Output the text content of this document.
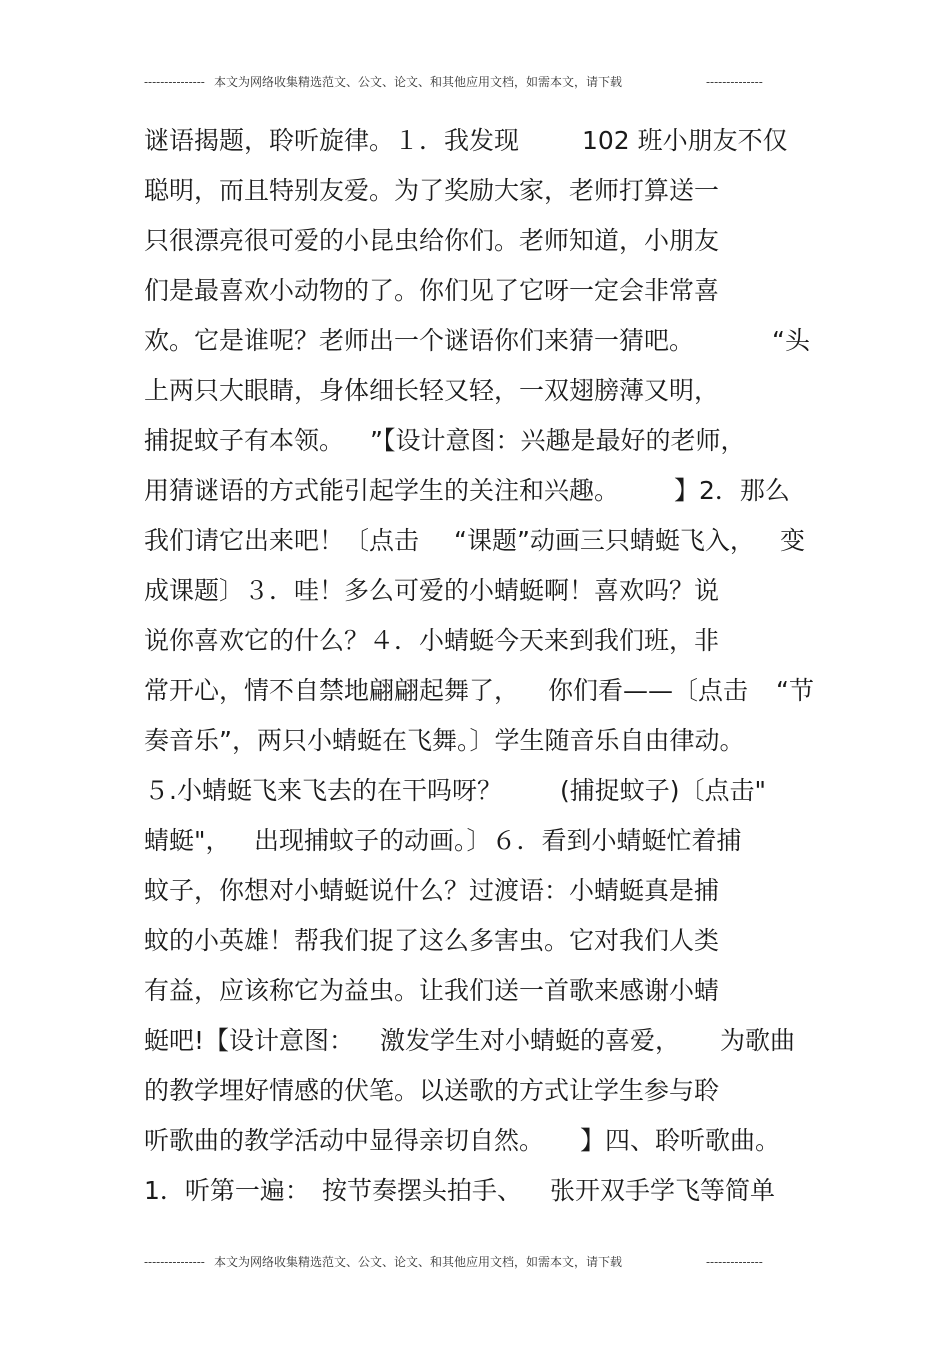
--------------- 本文为网络收集精选范文、公文、论文、和其他应用文档，如需本文，请下载	--------------
谜语揭题，聆听旋律。１．我发现	102 班小朋友不仅
聪明，而且特别友爱。为了奖励大家，老师打算送一
只很漂亮很可爱的小昆虫给你们。老师知道，小朋友
们是最喜欢小动物的了。你们见了它呀一定会非常喜
欢。它是谁呢？老师出一个谜语你们来猜一猜吧。	“头
上两只大眼睛，身体细长轻又轻，一双翅膀薄又明，
捕捉蚊子有本领。 ”【设计意图：兴趣是最好的老师，
用猜谜语的方式能引起学生的关注和兴趣。 】2．那么
我们请它出来吧！〔点击 “课题”动画三只蜻蜓飞入， 变
成课题〕３．哇！多么可爱的小蜻蜓啊！喜欢吗？说
说你喜欢它的什么？４．小蜻蜓今天来到我们班，非
常开心，情不自禁地翩翩起舞了， 你们看——〔点击 “节
奏音乐”，两只小蜻蜓在飞舞。〕学生随音乐自由律动。
５.小蜻蜓飞来飞去的在干吗呀？ (捕捉蚊子)〔点击"
蜻蜓"， 出现捕蚊子的动画。〕６．看到小蜻蜓忙着捕
蚊子，你想对小蜻蜓说什么？过渡语：小蜻蜓真是捕
蚊的小英雄！帮我们捉了这么多害虫。它对我们人类
有益，应该称它为益虫。让我们送一首歌来感谢小蜻
蜓吧!【设计意图： 激发学生对小蜻蜓的喜爱， 为歌曲
的教学埋好情感的伏笔。以送歌的方式让学生参与聆
听歌曲的教学活动中显得亲切自然。 】四、聆听歌曲。
1．听第一遍： 按节奏摆头拍手、 张开双手学飞等简单
--------------- 本文为网络收集精选范文、公文、论文、和其他应用文档，如需本文，请下载	--------------
